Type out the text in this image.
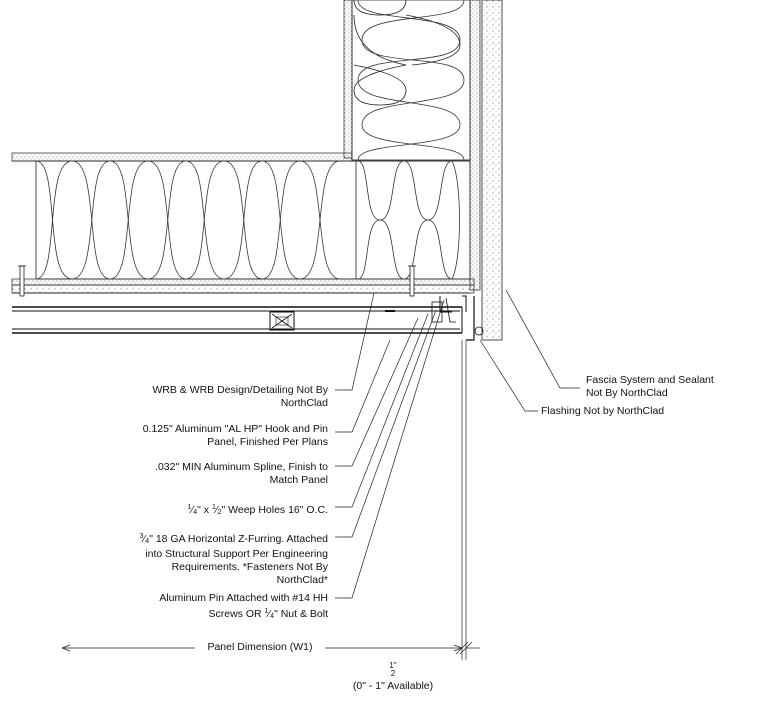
WRB & WRB Design/Detailing Not By
NorthClad
0.125" Aluminum "AL HP" Hook and Pin
Panel, Finished Per Plans
.032" MIN Aluminum Spline, Finish to
Match Panel
$^1⁄_4$" x $^1⁄_2$" Weep Holes 16" O.C.
$^3⁄_4$" 18 GA Horizontal Z-Furring. Attached
into Structural Support Per Engineering
Requirements. *Fasteners Not By
NorthClad*
Aluminum Pin Attached with #14 HH
Screws OR $^1⁄_4$" Nut & Bolt
Fascia System and Sealant
Not By NorthClad
Flashing Not by NorthClad
Panel Dimension (W1)
1"
2
(0" - 1" Available)
